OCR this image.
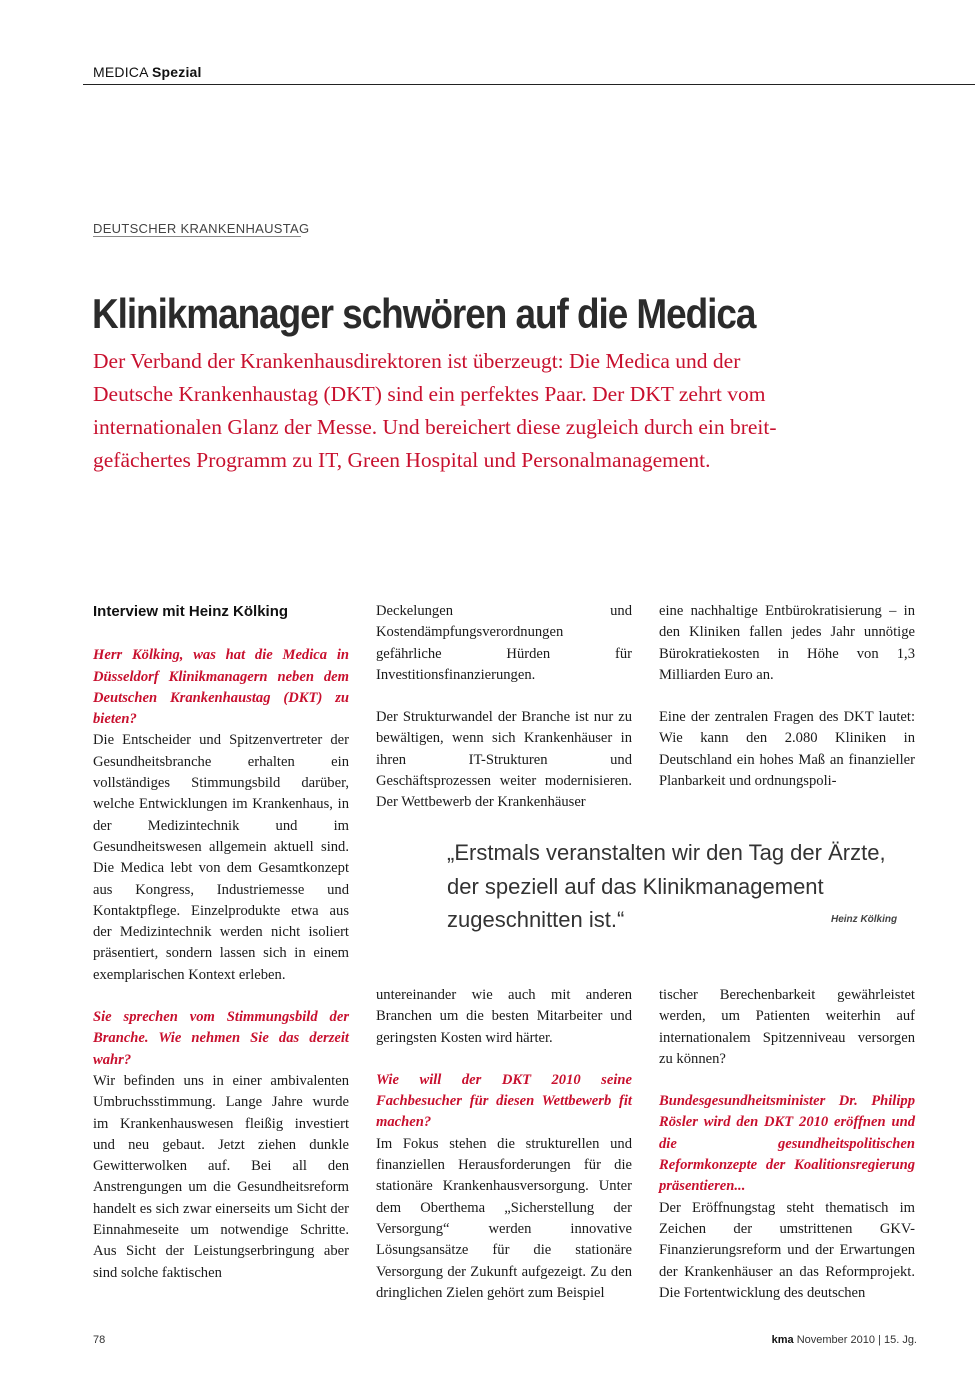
MEDICA Spezial
DEUTSCHER KRANKENHAUSTAG
Klinikmanager schwören auf die Medica

Der Verband der Krankenhausdirektoren ist überzeugt: Die Medica und der

Deutsche Krankenhaustag (DKT) sind ein perfektes Paar. Der DKT zehrt vom

internationalen Glanz der Messe. Und bereichert diese zugleich durch ein breit-

gefächertes Programm zu IT, Green Hospital und Personalmanagement.

Interview mit Heinz Kölking

Herr Kölking, was hat die Medica in Düsseldorf Klinikmanagern neben dem Deutschen Krankenhaustag (DKT) zu bieten?

Die Entscheider und Spitzenvertreter der Gesundheitsbranche erhalten ein vollständiges Stimmungsbild darüber, welche Entwicklungen im Krankenhaus, in der Medizintechnik und im Gesundheitswesen allgemein aktuell sind. Die Medica lebt von dem Gesamtkonzept aus Kongress, Industriemesse und Kontaktpflege. Einzelprodukte etwa aus der Medizintechnik werden nicht isoliert präsentiert, sondern lassen sich in einem exemplarischen Kontext erleben.

Sie sprechen vom Stimmungsbild der Branche. Wie nehmen Sie das derzeit wahr?

Wir befinden uns in einer ambivalenten Umbruchsstimmung. Lange Jahre wurde im Krankenhauswesen fleißig investiert und neu gebaut. Jetzt ziehen dunkle Gewitterwolken auf. Bei all den Anstrengungen um die Gesundheitsreform handelt es sich zwar einerseits um Sicht der Einnahmeseite um notwendige Schritte. Aus Sicht der Leistungserbringung aber sind solche faktischen

Deckelungen und Kostendämpfungsverordnungen gefährliche Hürden für Investitionsfinanzierungen.

Der Strukturwandel der Branche ist nur zu bewältigen, wenn sich Krankenhäuser in ihren IT-Strukturen und Geschäftsprozessen weiter modernisieren. Der Wettbewerb der Krankenhäuser

eine nachhaltige Entbürokratisierung – in den Kliniken fallen jedes Jahr unnötige Bürokratiekosten in Höhe von 1,3 Milliarden Euro an.

Eine der zentralen Fragen des DKT lautet: Wie kann den 2.080 Kliniken in Deutschland ein hohes Maß an finanzieller Planbarkeit und ordnungspoli-

„Erstmals veranstalten wir den Tag der Ärzte,

der speziell auf das Klinikmanagement

zugeschnitten ist.“	Heinz Kölking

untereinander wie auch mit anderen Branchen um die besten Mitarbeiter und geringsten Kosten wird härter.

Wie will der DKT 2010 seine Fachbesucher für diesen Wettbewerb fit machen?

Im Fokus stehen die strukturellen und finanziellen Herausforderungen für die stationäre Krankenhausversorgung. Unter dem Oberthema „Sicherstellung der Versorgung“ werden innovative Lösungsansätze für die stationäre Versorgung der Zukunft aufgezeigt. Zu den dringlichen Zielen gehört zum Beispiel

tischer Berechenbarkeit gewährleistet werden, um Patienten weiterhin auf internationalem Spitzenniveau versorgen zu können?

Bundesgesundheitsminister Dr. Philipp Rösler wird den DKT 2010 eröffnen und die gesundheitspolitischen Reformkonzepte der Koalitionsregierung präsentieren...

Der Eröffnungstag steht thematisch im Zeichen der umstrittenen GKV-Finanzierungsreform und der Erwartungen der Krankenhäuser an das Reformprojekt. Die Fortentwicklung des deutschen

78	kma November 2010 | 15. Jg.
